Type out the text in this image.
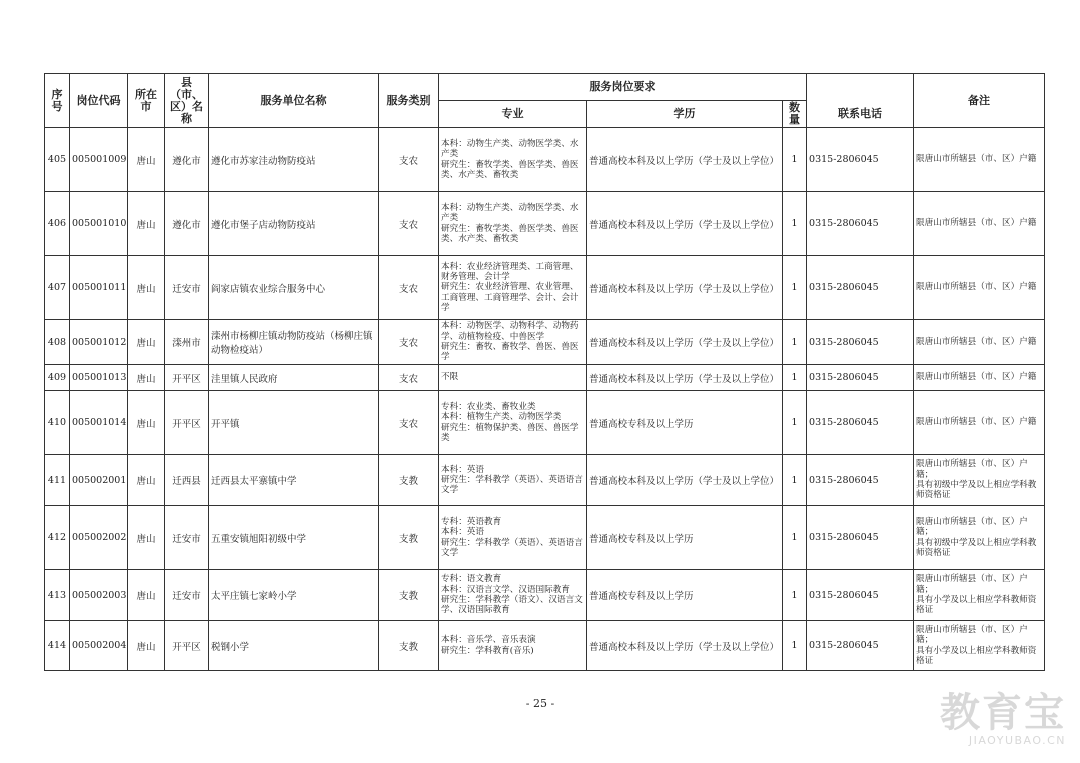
序号	岗位代码	所在市	县（市、区）名称	服务单位名称	服务类别	服务岗位要求				备注
						专业	学历	数量	联系电话	
405	005001009	唐山	遵化市	遵化市苏家洼动物防疫站	支农	本科：动物生产类、动物医学类、水产类
研究生：畜牧学类、兽医学类、兽医类、水产类、畜牧类	普通高校本科及以上学历（学士及以上学位）	1	0315-2806045	限唐山市所辖县（市、区）户籍
406	005001010	唐山	遵化市	遵化市堡子店动物防疫站	支农	本科：动物生产类、动物医学类、水产类
研究生：畜牧学类、兽医学类、兽医类、水产类、畜牧类	普通高校本科及以上学历（学士及以上学位）	1	0315-2806045	限唐山市所辖县（市、区）户籍
407	005001011	唐山	迁安市	阎家店镇农业综合服务中心	支农	本科：农业经济管理类、工商管理、财务管理、会计学
研究生：农业经济管理、农业管理、工商管理、工商管理学、会计、会计学	普通高校本科及以上学历（学士及以上学位）	1	0315-2806045	限唐山市所辖县（市、区）户籍
408	005001012	唐山	滦州市	滦州市杨柳庄镇动物防疫站（杨柳庄镇动物检疫站）	支农	本科：动物医学、动物科学、动物药学、动植物检疫、中兽医学
研究生：畜牧、畜牧学、兽医、兽医学	普通高校本科及以上学历（学士及以上学位）	1	0315-2806045	限唐山市所辖县（市、区）户籍
409	005001013	唐山	开平区	洼里镇人民政府	支农	不限	普通高校本科及以上学历（学士及以上学位）	1	0315-2806045	限唐山市所辖县（市、区）户籍
410	005001014	唐山	开平区	开平镇	支农	专科：农业类、畜牧业类
本科：植物生产类、动物医学类
研究生：植物保护类、兽医、兽医学类	普通高校专科及以上学历	1	0315-2806045	限唐山市所辖县（市、区）户籍
411	005002001	唐山	迁西县	迁西县太平寨镇中学	支教	本科：英语
研究生：学科教学（英语）、英语语言文学	普通高校本科及以上学历（学士及以上学位）	1	0315-2806045	限唐山市所辖县（市、区）户籍；
具有初级中学及以上相应学科教师资格证
412	005002002	唐山	迁安市	五重安镇旭阳初级中学	支教	专科：英语教育
本科：英语
研究生：学科教学（英语）、英语语言文学	普通高校专科及以上学历	1	0315-2806045	限唐山市所辖县（市、区）户籍；
具有初级中学及以上相应学科教师资格证
413	005002003	唐山	迁安市	太平庄镇七家岭小学	支教	专科：语文教育
本科：汉语言文学、汉语国际教育
研究生：学科教学（语文）、汉语言文学、汉语国际教育	普通高校专科及以上学历	1	0315-2806045	限唐山市所辖县（市、区）户籍；
具有小学及以上相应学科教师资格证
414	005002004	唐山	开平区	税钢小学	支教	本科：音乐学、音乐表演
研究生：学科教育(音乐)	普通高校本科及以上学历（学士及以上学位）	1	0315-2806045	限唐山市所辖县（市、区）户籍；
具有小学及以上相应学科教师资格证
- 25 -	教育宝
JIAOYUBAO.CN
